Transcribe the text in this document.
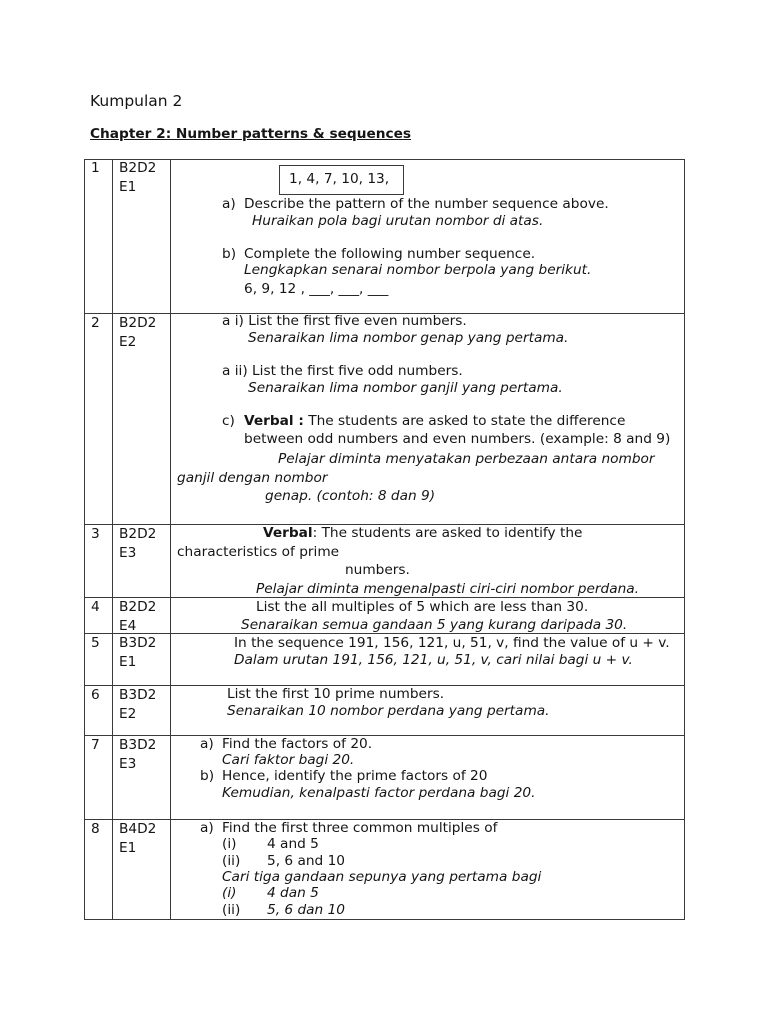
Kumpulan 2
Chapter 2: Number patterns & sequences
1 B2D2
E1	1, 4, 7, 10, 13,
a) Describe the pattern of the number sequence above.
Huraikan pola bagi urutan nombor di atas.
b) Complete the following number sequence.
Lengkapkan senarai nombor berpola yang berikut.
6, 9, 12 , ___, ___, ___
2 B2D2
E2
a i) List the first five even numbers.
Senaraikan lima nombor genap yang pertama.
a ii) List the first five odd numbers.
Senaraikan lima nombor ganjil yang pertama.
c) Verbal : The students are asked to state the difference
between odd numbers and even numbers. (example: 8 and 9)
Pelajar diminta menyatakan perbezaan antara nombor
ganjil dengan nombor
genap. (contoh: 8 dan 9)
3 B2D2
E3
Verbal: The students are asked to identify the
characteristics of prime
numbers.
Pelajar diminta mengenalpasti ciri-ciri nombor perdana.
4 B2D2
E4
List the all multiples of 5 which are less than 30.
Senaraikan semua gandaan 5 yang kurang daripada 30.
5 B3D2
E1
In the sequence 191, 156, 121, u, 51, v, find the value of u + v.
Dalam urutan 191, 156, 121, u, 51, v, cari nilai bagi u + v.
6 B3D2
E2
List the first 10 prime numbers.
Senaraikan 10 nombor perdana yang pertama.
7 B3D2
E3
a) Find the factors of 20.
Cari faktor bagi 20.
b) Hence, identify the prime factors of 20
Kemudian, kenalpasti factor perdana bagi 20.
8 B4D2
E1
a) Find the first three common multiples of
(i) 4 and 5
(ii) 5, 6 and 10
Cari tiga gandaan sepunya yang pertama bagi
(i) 4 dan 5
(ii) 5, 6 dan 10
